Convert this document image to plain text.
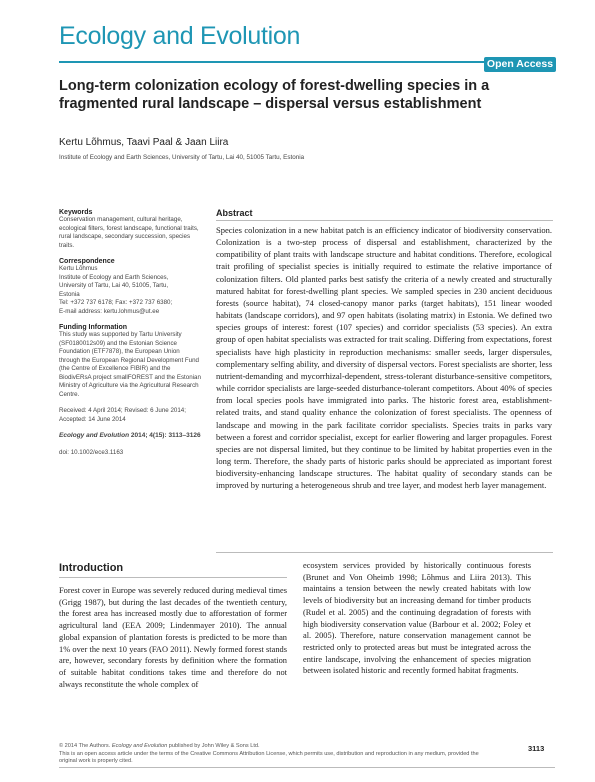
Ecology and Evolution
Open Access
Long-term colonization ecology of forest-dwelling species in a fragmented rural landscape – dispersal versus establishment
Kertu Lõhmus, Taavi Paal & Jaan Liira
Institute of Ecology and Earth Sciences, University of Tartu, Lai 40, 51005 Tartu, Estonia
Keywords
Conservation management, cultural heritage, ecological filters, forest landscape, functional traits, rural landscape, secondary succession, species traits.
Correspondence
Kertu Lõhmus
Institute of Ecology and Earth Sciences,
University of Tartu, Lai 40, 51005, Tartu,
Estonia
Tel: +372 737 6178; Fax: +372 737 6380;
E-mail address: kertu.lohmus@ut.ee
Funding Information
This study was supported by Tartu University (SF0180012s09) and the Estonian Science Foundation (ETF7878), the European Union through the European Regional Development Fund (the Centre of Excellence FIBIR) and the BiodivERsA project smallFOREST and the Estonian Ministry of Agriculture via the Agricultural Research Centre.
Received: 4 April 2014; Revised: 6 June 2014; Accepted: 14 June 2014
Ecology and Evolution 2014; 4(15): 3113–3126
doi: 10.1002/ece3.1163
Abstract
Species colonization in a new habitat patch is an efficiency indicator of biodiversity conservation. Colonization is a two-step process of dispersal and establishment, characterized by the compatibility of plant traits with landscape structure and habitat conditions. Therefore, ecological trait profiling of specialist species is initially required to estimate the relative importance of colonization filters. Old planted parks best satisfy the criteria of a newly created and structurally matured habitat for forest-dwelling plant species. We sampled species in 230 ancient deciduous forests (source habitat), 74 closed-canopy manor parks (target habitats), 151 linear wooded habitats (landscape corridors), and 97 open habitats (isolating matrix) in Estonia. We defined two species groups of interest: forest (107 species) and corridor specialists (53 species). An extra group of open habitat specialists was extracted for trait scaling. Differing from expectations, forest specialists have high plasticity in reproduction mechanisms: smaller seeds, larger dispersules, complementary selfing ability, and diversity of dispersal vectors. Forest specialists are shorter, less nutrient-demanding and mycorrhizal-dependent, stress-tolerant disturbance-sensitive competitors, while corridor specialists are large-seeded disturbance-tolerant competitors. About 40% of species from local species pools have immigrated into parks. The historic forest area, establishment-related traits, and stand quality enhance the colonization of forest specialists. The openness of landscape and mowing in the park facilitate corridor specialists. Species traits in parks vary between a forest and corridor specialist, except for earlier flowering and larger propagules. Forest species are not dispersal limited, but they continue to be limited by habitat properties even in the long term. Therefore, the shady parts of historic parks should be appreciated as important forest biodiversity-enhancing landscape structures. The habitat quality of secondary stands can be improved by nurturing a heterogeneous shrub and tree layer, and modest herb layer management.
Introduction
Forest cover in Europe was severely reduced during medieval times (Grigg 1987), but during the last decades of the twentieth century, the forest area has increased mostly due to afforestation of former agricultural land (EEA 2009; Lindenmayer 2010). The annual global expansion of plantation forests is predicted to be more than 1% over the next 10 years (FAO 2011). Newly formed forest stands are, however, secondary forests by definition where the formation of suitable habitat conditions takes time and therefore do not always reconstitute the whole complex of
ecosystem services provided by historically continuous forests (Brunet and Von Oheimb 1998; Lõhmus and Liira 2013). This maintains a tension between the newly created habitats with low levels of biodiversity but an increasing demand for timber products (Rudel et al. 2005) and the continuing degradation of forests with high biodiversity conservation value (Barbour et al. 2002; Foley et al. 2005). Therefore, nature conservation management cannot be restricted only to protected areas but must be integrated across the entire landscape, involving the enhancement of species migration between isolated historic and recently formed habitat fragments.
© 2014 The Authors. Ecology and Evolution published by John Wiley & Sons Ltd.
This is an open access article under the terms of the Creative Commons Attribution License, which permits use, distribution and reproduction in any medium, provided the original work is properly cited.
3113
